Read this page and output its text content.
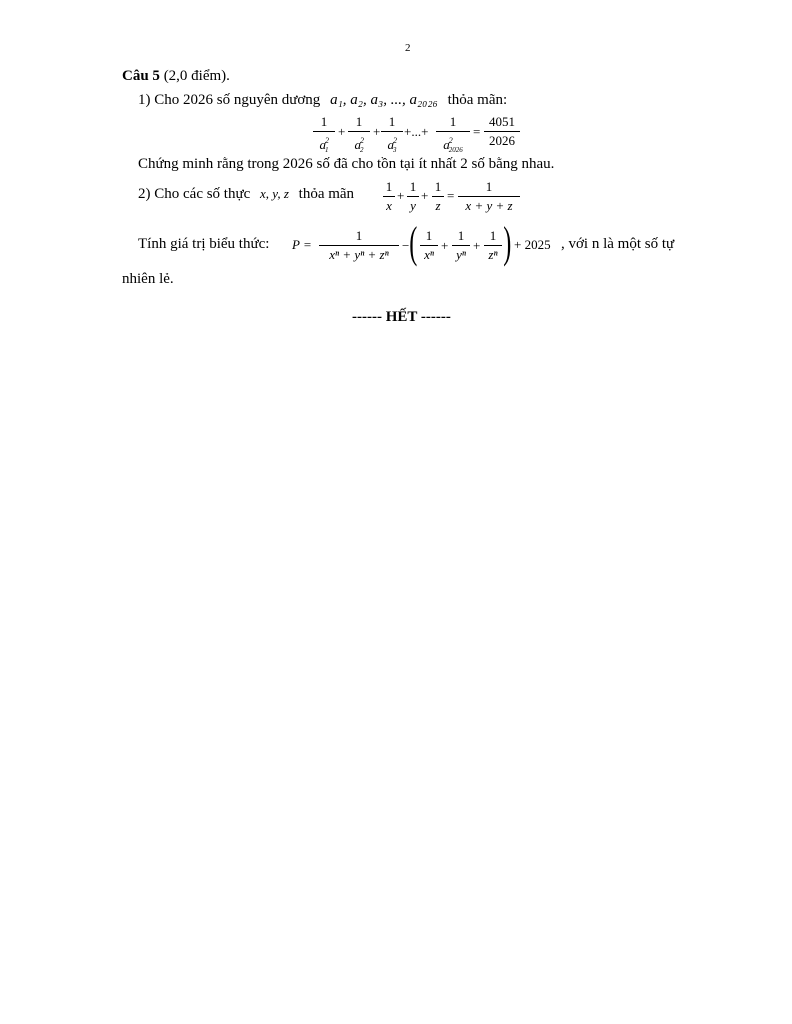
2
Câu 5 (2,0 điểm).
1) Cho 2026 số nguyên dương a₁, a₂, a₃, ..., a₂₀₂₆ thỏa mãn:
1
$a^2_1$
+
1
$a^2_2$
+
1
$a^2_3$
+...+
1
$a^2_{2026}$
=
4051
2026
Chứng minh rằng trong 2026 số đã cho tồn tại ít nhất 2 số bằng nhau.
2) Cho các số thực x, y, z thỏa mãn 1
x
+
1
y
+
1
z
=
1
x + y + z
Tính giá trị biểu thức: P =
1
xⁿ + yⁿ + zⁿ
− ( 1
xⁿ
+
1
yⁿ
+
1
zⁿ ) + 2025 , với n là một số tự
nhiên lẻ.
------ HẾT ------
